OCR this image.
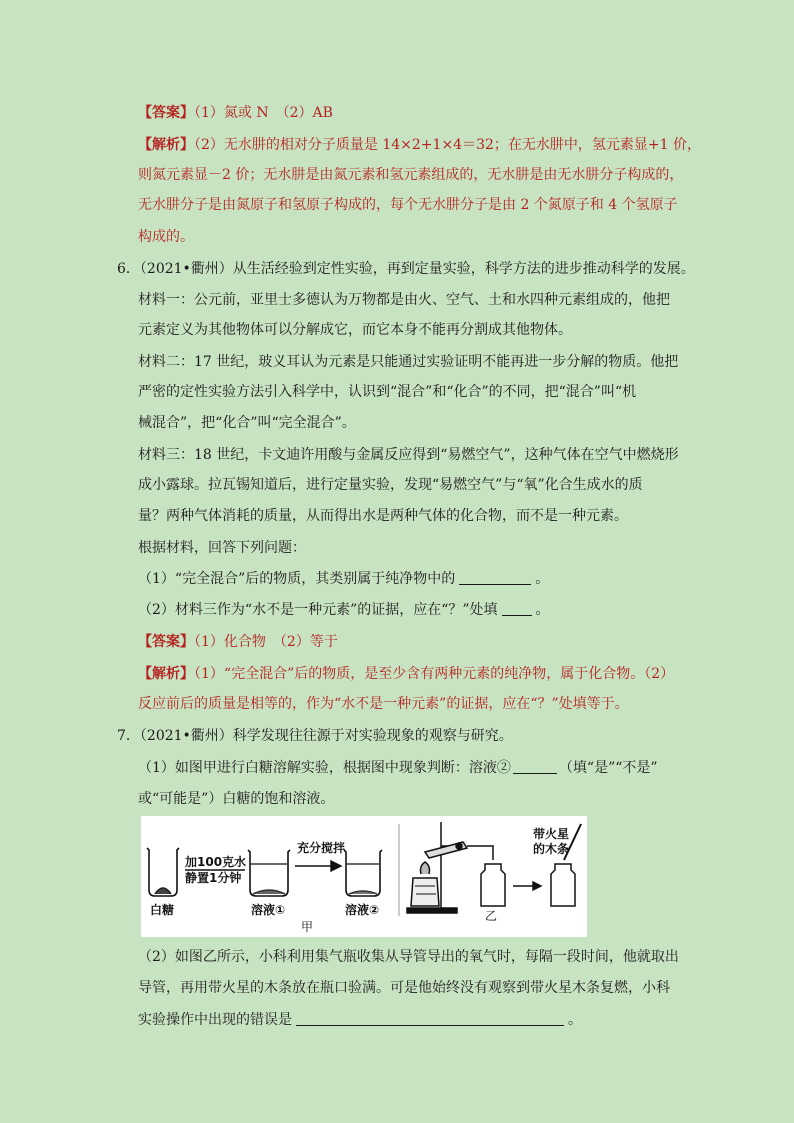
【答案】（1）氮或 N　（2）AB
【解析】（2）无水肼的相对分子质量是 14×2+1×4＝32；在无水肼中，氢元素显+1 价，
则氮元素显－2 价；无水肼是由氮元素和氢元素组成的，无水肼是由无水肼分子构成的，
无水肼分子是由氮原子和氢原子构成的，每个无水肼分子是由 2 个氮原子和 4 个氢原子
构成的。
6．（2021•衢州）从生活经验到定性实验，再到定量实验，科学方法的进步推动科学的发展。
材料一：公元前，亚里士多德认为万物都是由火、空气、土和水四种元素组成的，他把
元素定义为其他物体可以分解成它，而它本身不能再分割成其他物体。
材料二：17 世纪，玻义耳认为元素是只能通过实验证明不能再进一步分解的物质。他把
严密的定性实验方法引入科学中，认识到“混合”和“化合”的不同，把“混合”叫“机
械混合”，把“化合”叫“完全混合”。
材料三：18 世纪，卡文迪许用酸与金属反应得到“易燃空气”，这种气体在空气中燃烧形
成小露球。拉瓦锡知道后，进行定量实验，发现“易燃空气”与“氧”化合生成水的质
量？两种气体消耗的质量，从而得出水是两种气体的化合物，而不是一种元素。
根据材料，回答下列问题：
（1）“完全混合”后的物质，其类别属于纯净物中的	。
（2）材料三作为“水不是一种元素”的证据，应在“？”处填	。
【答案】（1）化合物　（2）等于
【解析】（1）“完全混合”后的物质，是至少含有两种元素的纯净物，属于化合物。（2）
反应前后的质量是相等的，作为“水不是一种元素”的证据，应在“？”处填等于。
7．（2021•衢州）科学发现往往源于对实验现象的观察与研究。
（1）如图甲进行白糖溶解实验，根据图中现象判断：溶液②	（填“是”“不是”
或“可能是”）白糖的饱和溶液。
白糖
加100克水
静置1分钟
溶液①
充分搅拌
溶液②
带火星
的木条
甲
乙
（2）如图乙所示，小科利用集气瓶收集从导管导出的氧气时，每隔一段时间，他就取出
导管，再用带火星的木条放在瓶口验满。可是他始终没有观察到带火星木条复燃，小科
实验操作中出现的错误是	。
